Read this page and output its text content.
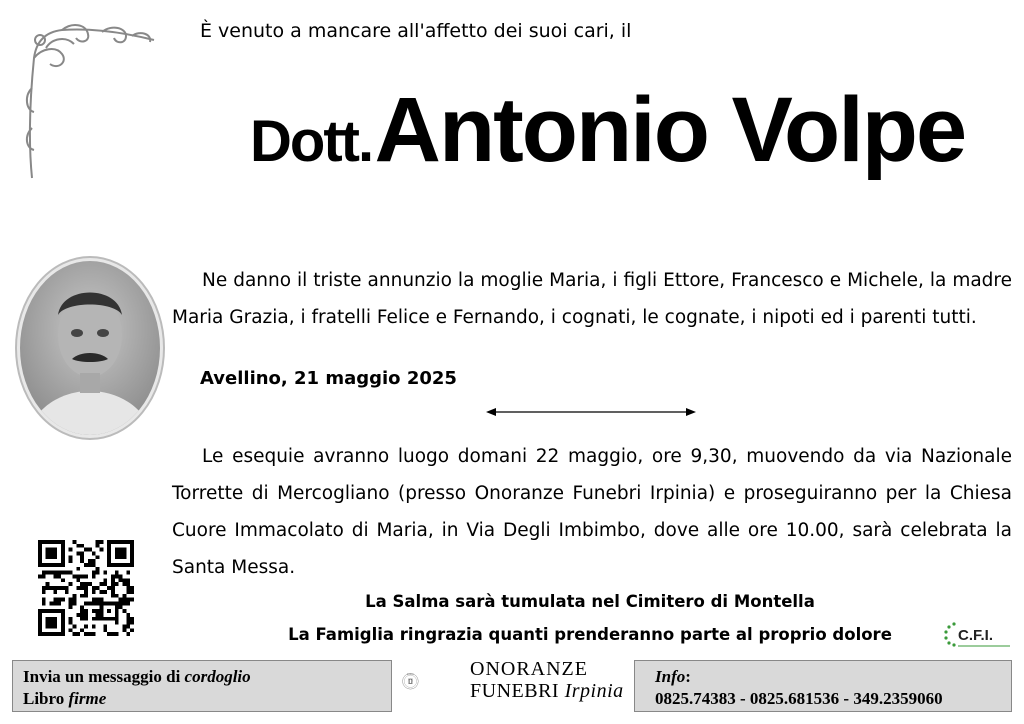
È venuto a mancare all'affetto dei suoi cari, il
Dott. Antonio Volpe
Ne danno il triste annunzio la moglie Maria, i figli Ettore, Francesco e Michele, la madre Maria Grazia, i fratelli Felice e Fernando, i cognati, le cognate, i nipoti ed i parenti tutti.
Avellino, 21 maggio 2025
Le esequie avranno luogo domani 22 maggio, ore 9,30, muovendo da via Nazionale Torrette di Mercogliano (presso Onoranze Funebri Irpinia) e proseguiranno per la Chiesa Cuore Immacolato di Maria, in Via Degli Imbimbo, dove alle ore 10.00, sarà celebrata la Santa Messa.
La Salma sarà tumulata nel Cimitero di Montella
La Famiglia ringrazia quanti prenderanno parte al proprio dolore	C.F.I.
Invia un messaggio di cordoglio
Libro firme
IRPINIA	ONORANZE
FUNEBRI Irpinia
Info:
0825.74383 - 0825.681536 - 349.2359060
